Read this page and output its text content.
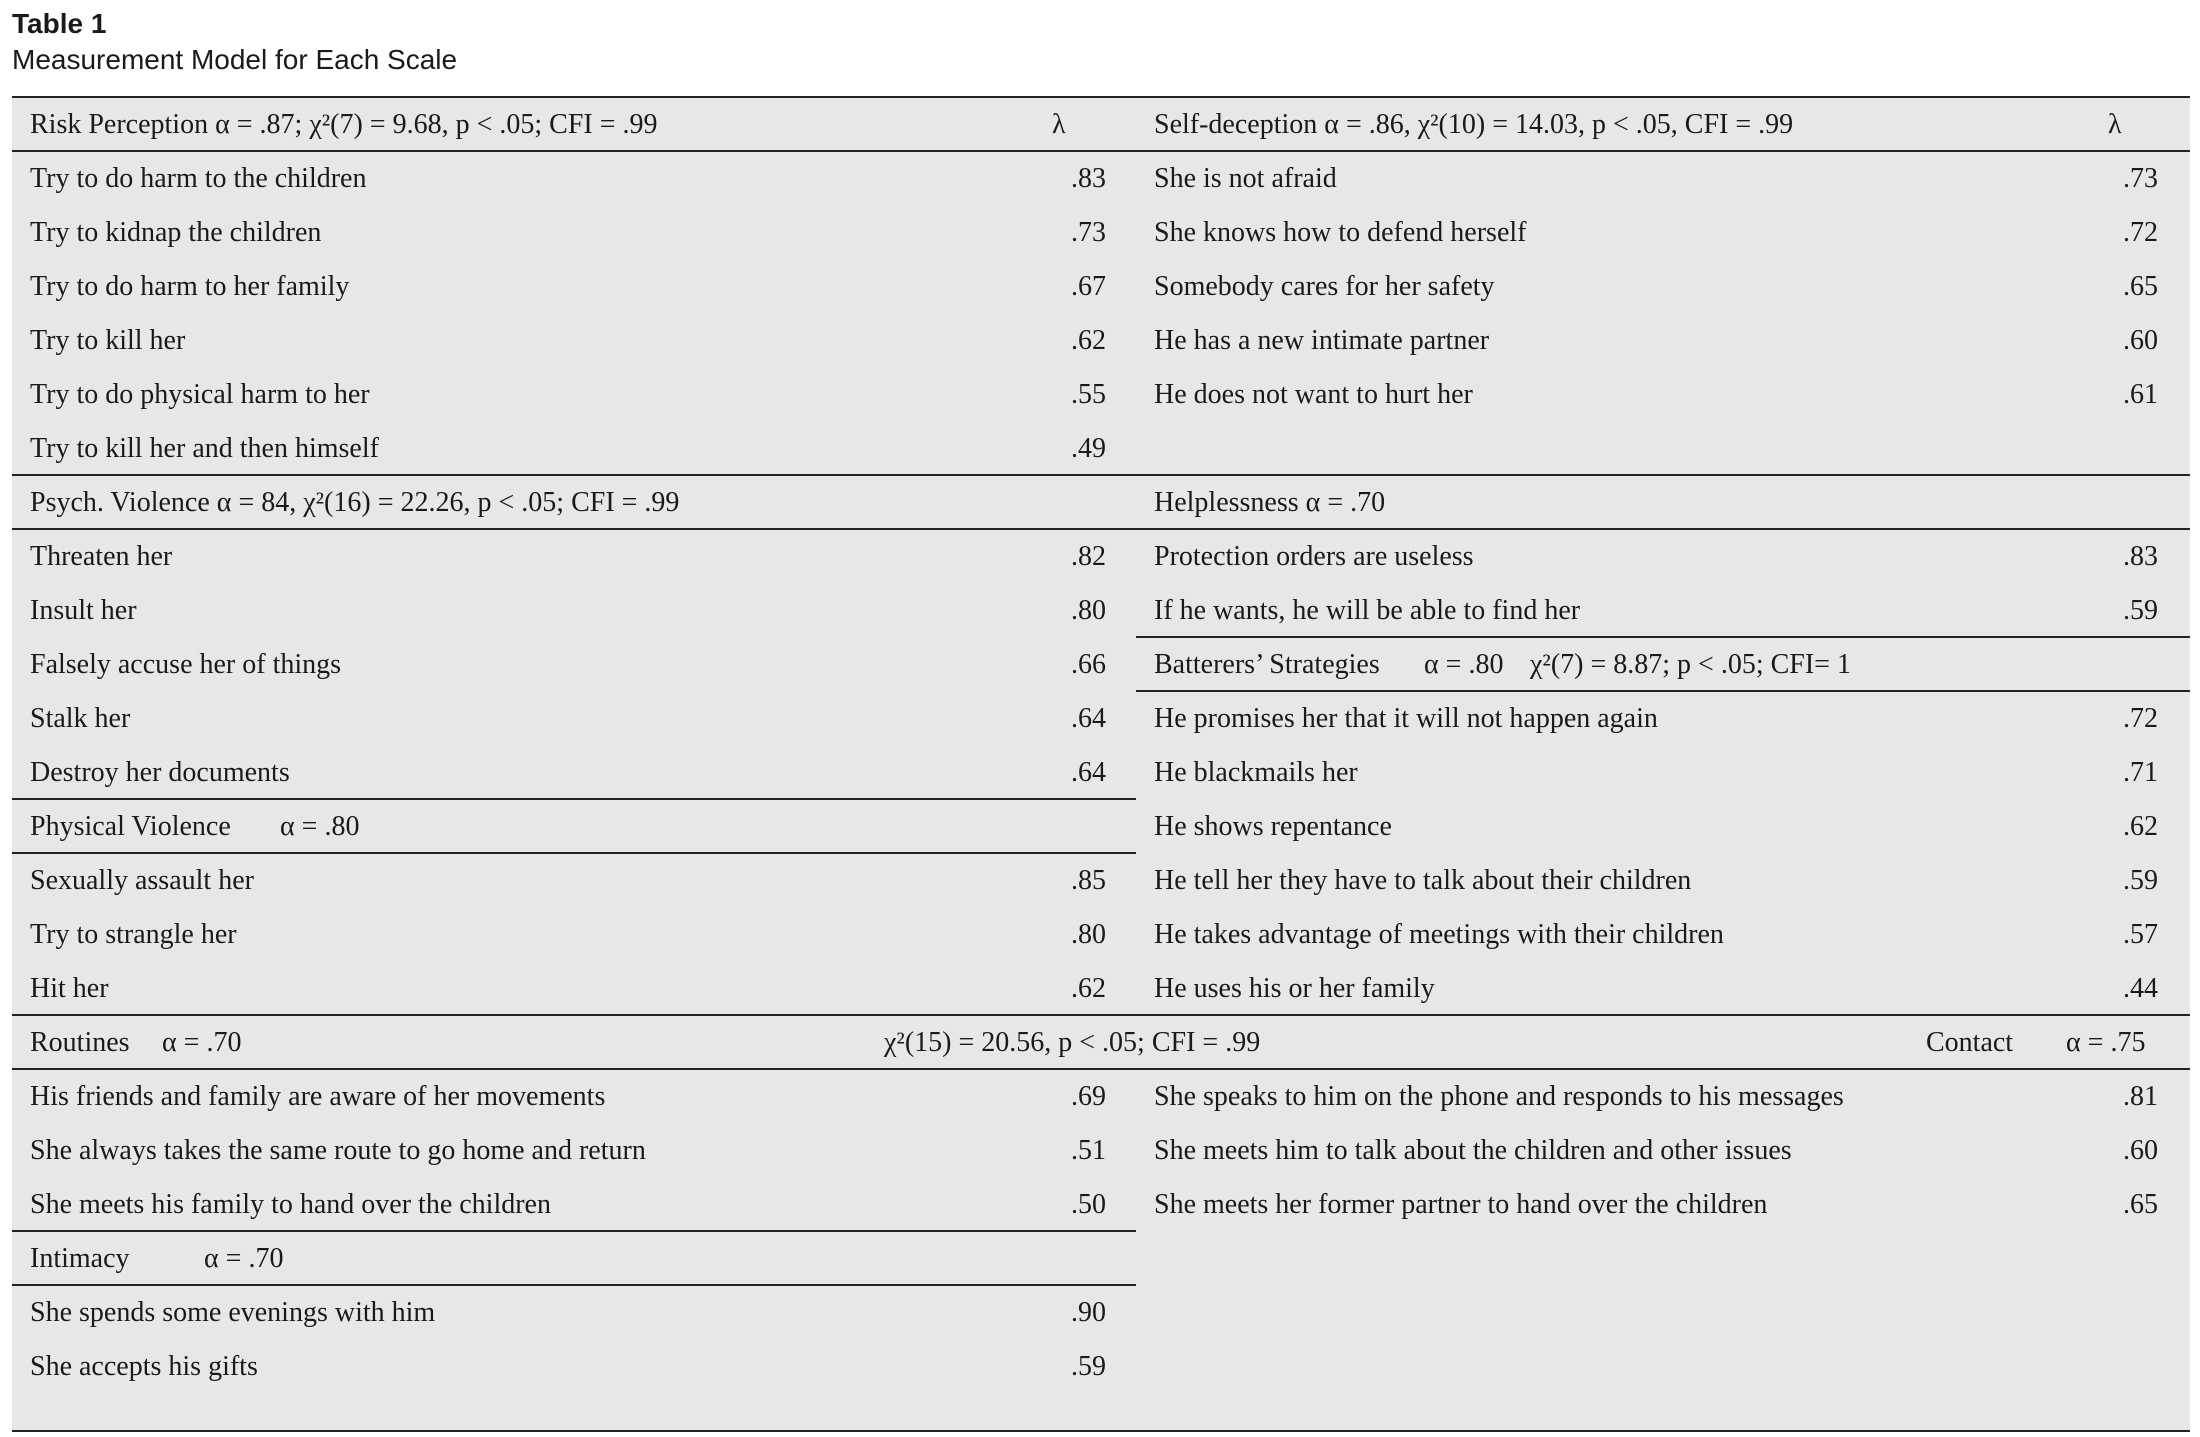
Table 1
Measurement Model for Each Scale
Risk Perception α = .87; χ²(7) = 9.68, p < .05; CFI = .99	λ
Try to do harm to the children	.83
Try to kidnap the children	.73
Try to do harm to her family	.67
Try to kill her	.62
Try to do physical harm to her	.55
Try to kill her and then himself	.49
Self-deception α = .86, χ²(10) = 14.03, p < .05, CFI = .99	λ
She is not afraid	.73
She knows how to defend herself	.72
Somebody cares for her safety	.65
He has a new intimate partner	.60
He does not want to hurt her	.61
Psych. Violence α = 84, χ²(16) = 22.26, p < .05; CFI = .99
Threaten her	.82
Insult her	.80
Falsely accuse her of things	.66
Stalk her	.64
Destroy her documents	.64
Helplessness α = .70
Protection orders are useless	.83
If he wants, he will be able to find her	.59
Batterers’ Strategies α = .80 χ²(7) = 8.87; p < .05; CFI= 1
He promises her that it will not happen again	.72
He blackmails her	.71
He shows repentance	.62
He tell her they have to talk about their children	.59
He takes advantage of meetings with their children	.57
He uses his or her family	.44
Physical Violence α = .80
Sexually assault her	.85
Try to strangle her	.80
Hit her	.62
Routines α = .70	χ²(15) = 20.56, p < .05; CFI = .99	Contact α = .75
His friends and family are aware of her movements	.69
She always takes the same route to go home and return	.51
She meets his family to hand over the children	.50
She speaks to him on the phone and responds to his messages	.81
She meets him to talk about the children and other issues	.60
She meets her former partner to hand over the children	.65
Intimacy	α = .70
She spends some evenings with him	.90
She accepts his gifts	.59
